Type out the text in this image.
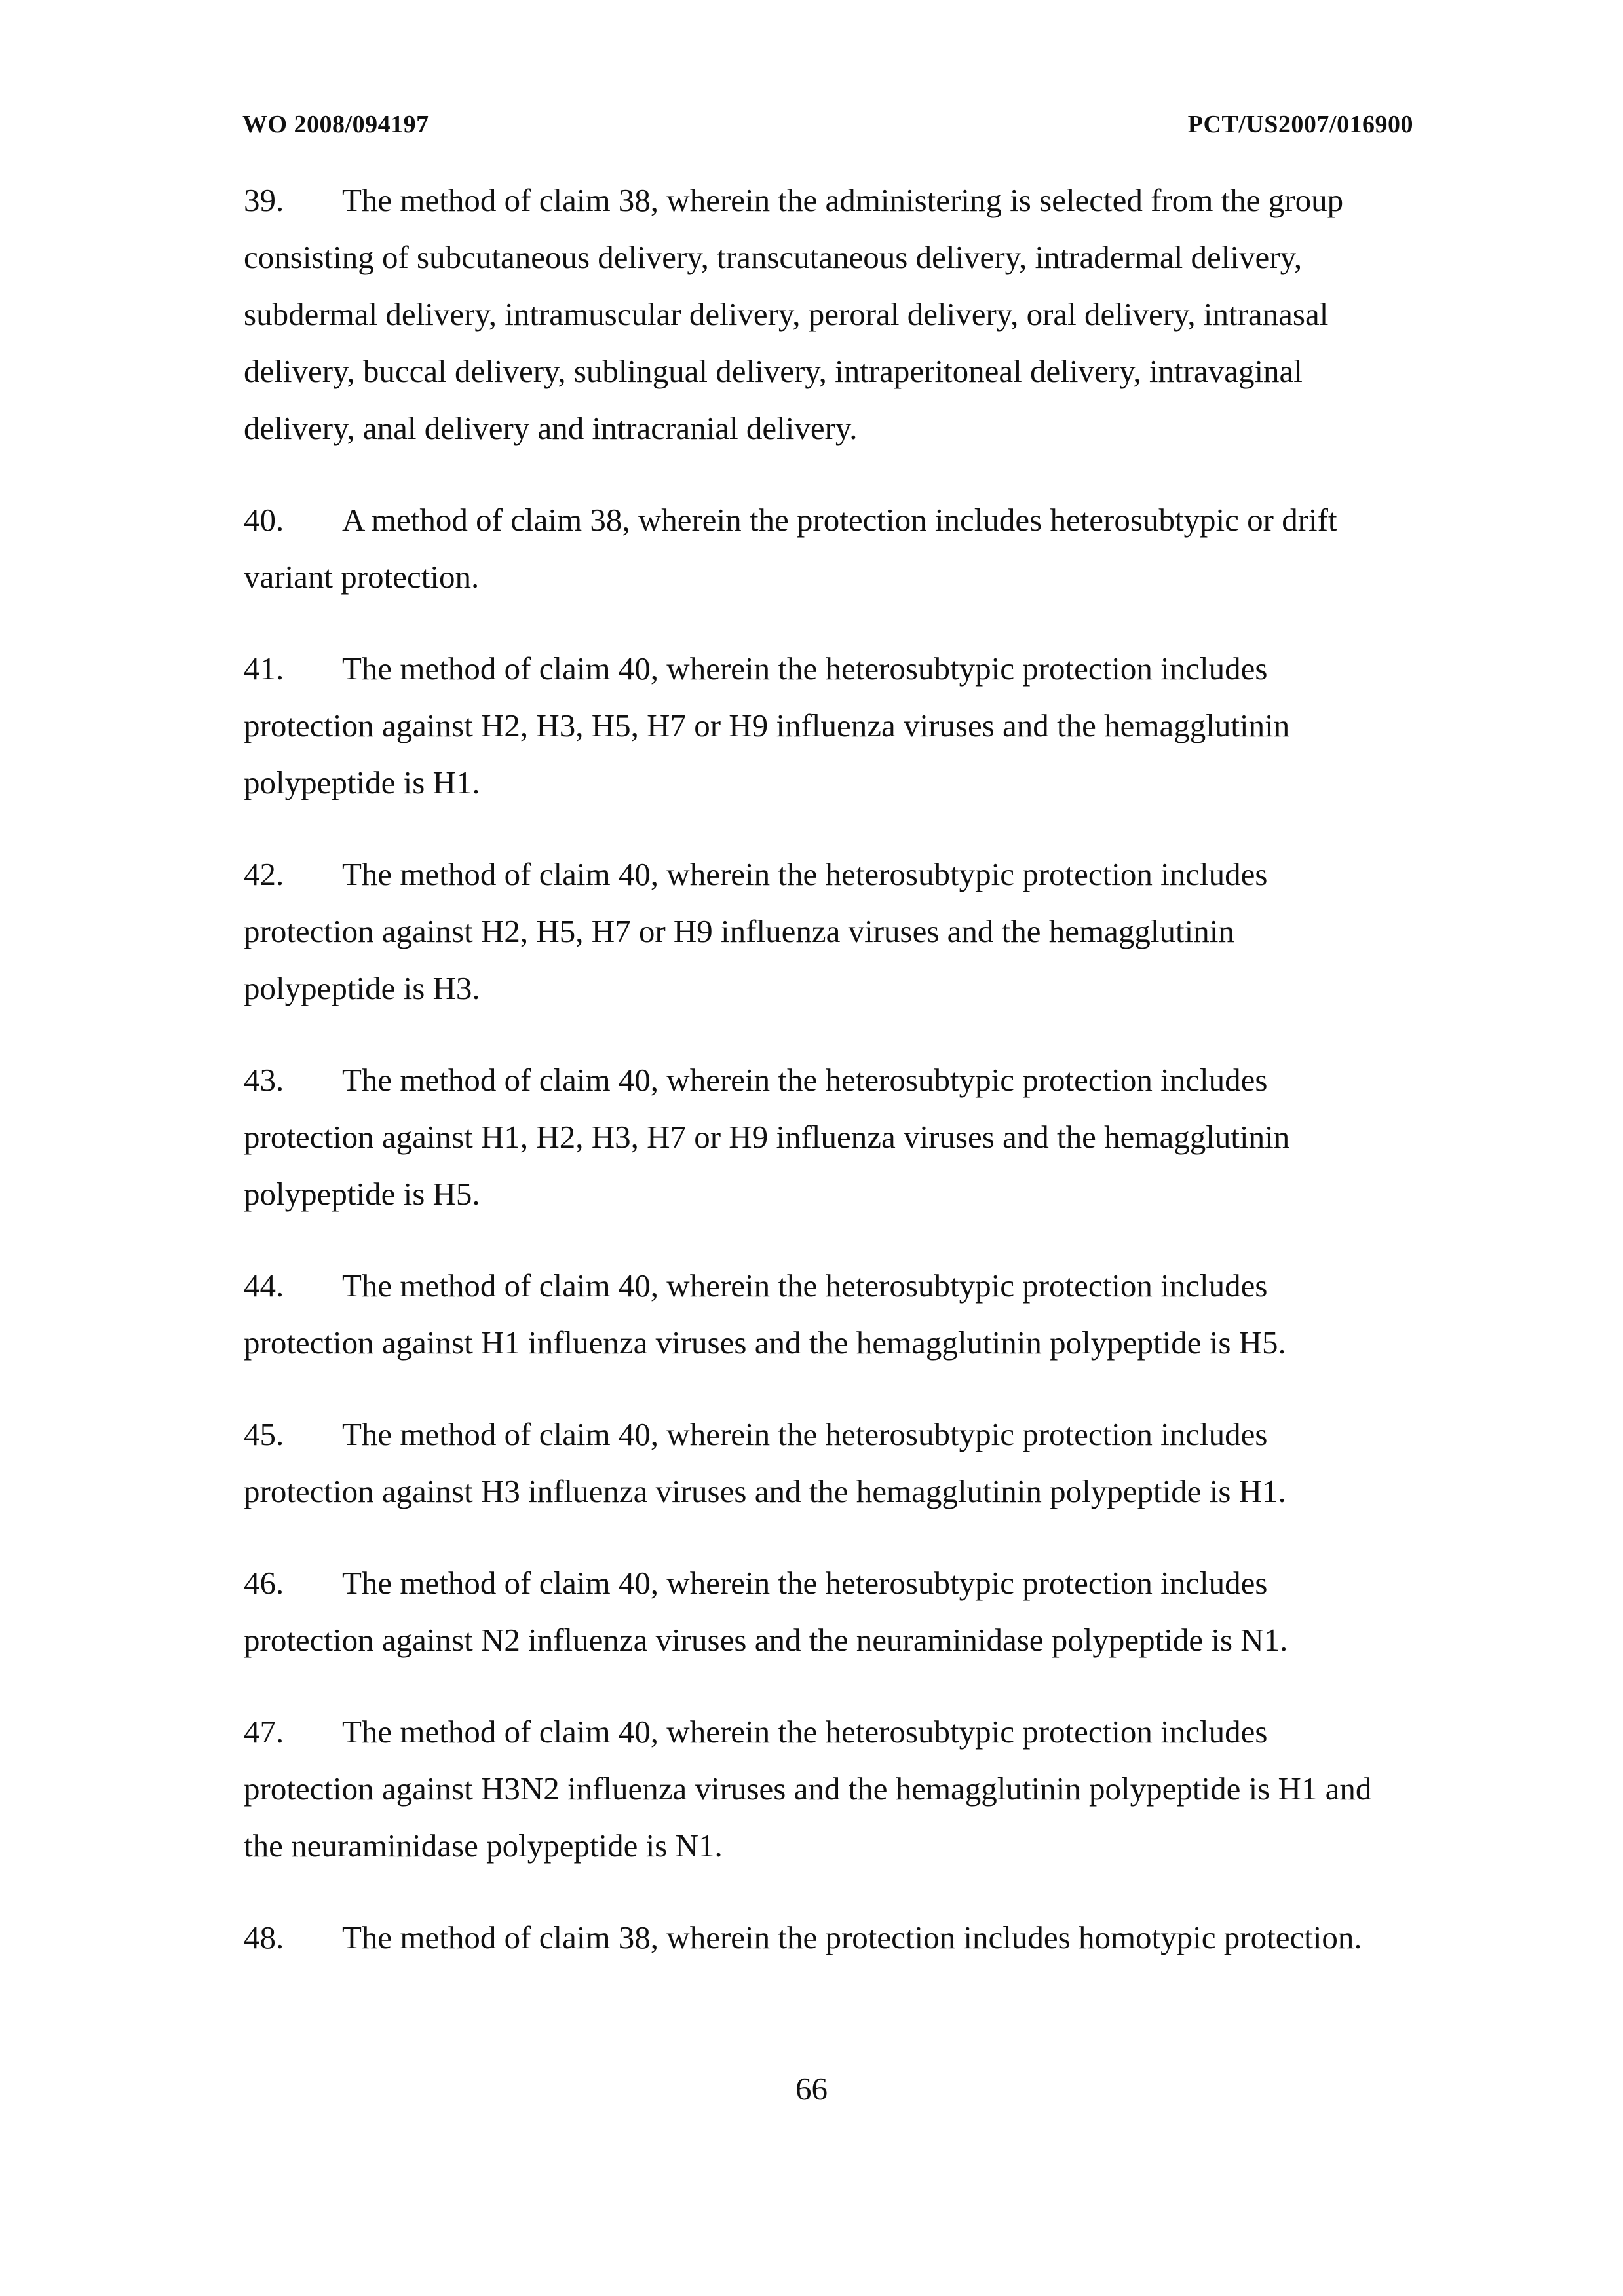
WO 2008/094197	PCT/US2007/016900

39. The method of claim 38, wherein the administering is selected from the group consisting of subcutaneous delivery, transcutaneous delivery, intradermal delivery, subdermal delivery, intramuscular delivery, peroral delivery, oral delivery, intranasal delivery, buccal delivery, sublingual delivery, intraperitoneal delivery, intravaginal delivery, anal delivery and intracranial delivery.

40. A method of claim 38, wherein the protection includes heterosubtypic or drift variant protection.

41. The method of claim 40, wherein the heterosubtypic protection includes protection against H2, H3, H5, H7 or H9 influenza viruses and the hemagglutinin polypeptide is H1.

42. The method of claim 40, wherein the heterosubtypic protection includes protection against H2, H5, H7 or H9 influenza viruses and the hemagglutinin polypeptide is H3.

43. The method of claim 40, wherein the heterosubtypic protection includes protection against H1, H2, H3, H7 or H9 influenza viruses and the hemagglutinin polypeptide is H5.

44. The method of claim 40, wherein the heterosubtypic protection includes protection against H1 influenza viruses and the hemagglutinin polypeptide is H5.

45. The method of claim 40, wherein the heterosubtypic protection includes protection against H3 influenza viruses and the hemagglutinin polypeptide is H1.

46. The method of claim 40, wherein the heterosubtypic protection includes protection against N2 influenza viruses and the neuraminidase polypeptide is N1.

47. The method of claim 40, wherein the heterosubtypic protection includes protection against H3N2 influenza viruses and the hemagglutinin polypeptide is H1 and the neuraminidase polypeptide is N1.

48. The method of claim 38, wherein the protection includes homotypic protection.

66
